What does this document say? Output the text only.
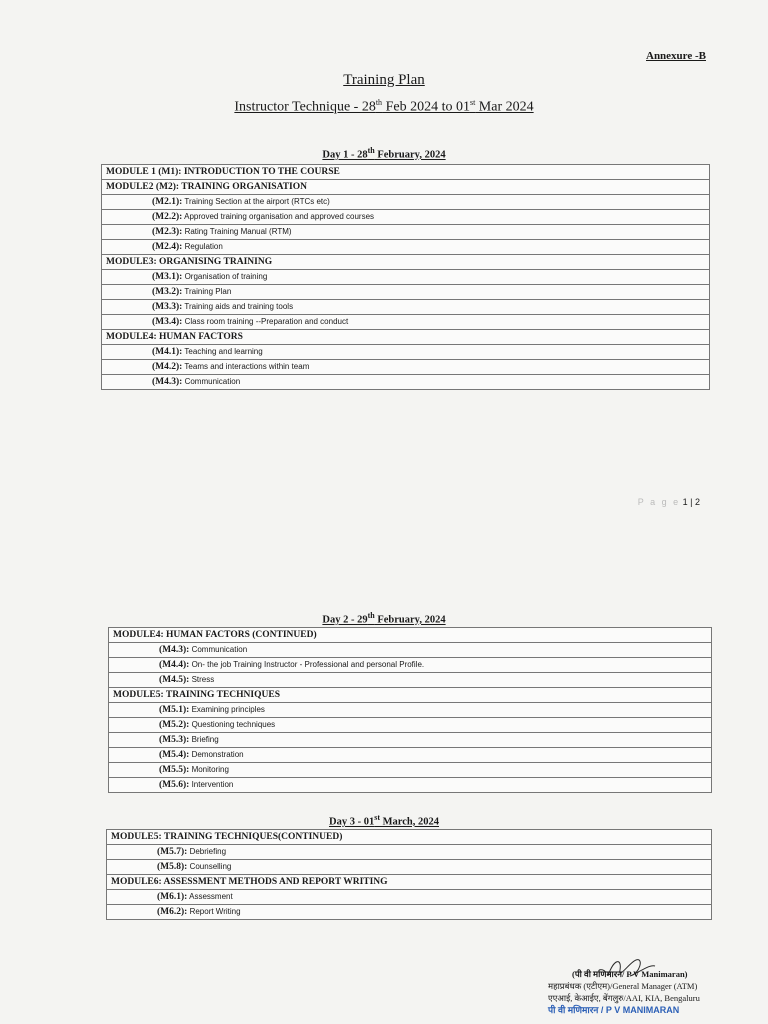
Annexure -B
Training Plan
Instructor Technique - 28th Feb 2024 to 01st Mar 2024
Day 1 - 28th February, 2024
MODULE 1 (M1): INTRODUCTION TO THE COURSE
MODULE2 (M2): TRAINING ORGANISATION
(M2.1): Training Section at the airport (RTCs etc)
(M2.2): Approved training organisation and approved courses
(M2.3): Rating Training Manual (RTM)
(M2.4): Regulation
MODULE3: ORGANISING TRAINING
(M3.1): Organisation of training
(M3.2): Training Plan
(M3.3): Training aids and training tools
(M3.4): Class room training --Preparation and conduct
MODULE4: HUMAN FACTORS
(M4.1): Teaching and learning
(M4.2): Teams and interactions within team
(M4.3): Communication
P a g e 1 | 2
Day 2 - 29th February, 2024
MODULE4: HUMAN FACTORS (CONTINUED)
(M4.3): Communication
(M4.4): On- the job Training Instructor - Professional and personal Profile.
(M4.5): Stress
MODULE5: TRAINING TECHNIQUES
(M5.1): Examining principles
(M5.2): Questioning techniques
(M5.3): Briefing
(M5.4): Demonstration
(M5.5): Monitoring
(M5.6): Intervention
Day 3 - 01st March, 2024
MODULE5: TRAINING TECHNIQUES(CONTINUED)
(M5.7): Debriefing
(M5.8): Counselling
MODULE6: ASSESSMENT METHODS AND REPORT WRITING
(M6.1): Assessment
(M6.2): Report Writing
(पी वी मणिमारन/ P V Manimaran)
महाप्रबंधक (एटीएम)/General Manager (ATM)
एएआई, केआईए, बेंगलुरु/AAI, KIA, Bengaluru
पी वी मणिमारन / P V MANIMARAN
